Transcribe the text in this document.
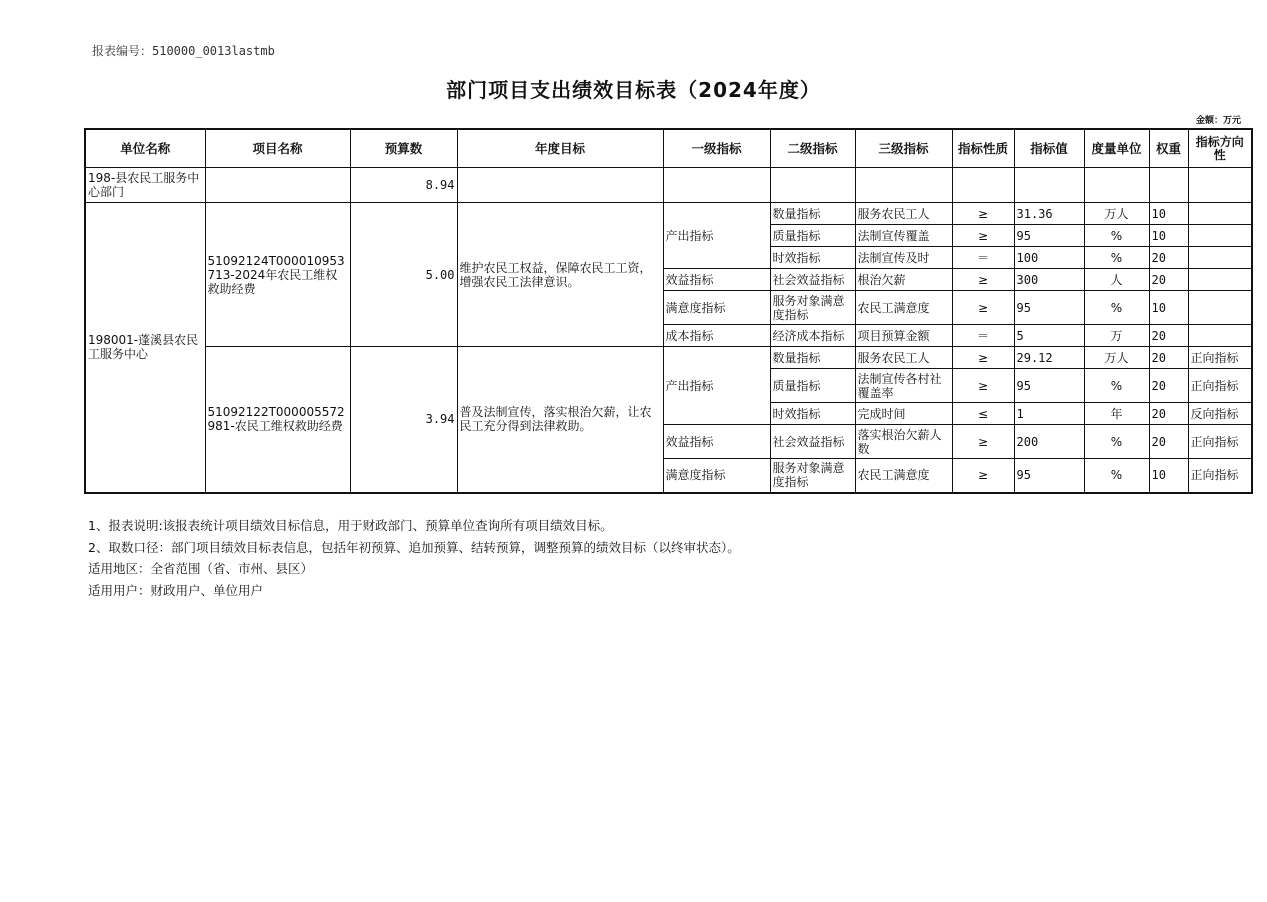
报表编号：510000_0013lastmb
部门项目支出绩效目标表（2024年度）
金额：万元
单位名称	项目名称	预算数	年度目标	一级指标	二级指标	三级指标	指标性质	指标值	度量单位	权重	指标方向性
198-县农民工服务中心部门		8.94									
198001-蓬溪县农民工服务中心	51092124T000010953713-2024年农民工维权救助经费	5.00	维护农民工权益，保障农民工工资，增强农民工法律意识。	产出指标	数量指标	服务农民工人	≥	31.36	万人	10	
					质量指标	法制宣传覆盖	≥	95	%	10	
					时效指标	法制宣传及时	＝	100	%	20	
				效益指标	社会效益指标	根治欠薪	≥	300	人	20	
				满意度指标	服务对象满意度指标	农民工满意度	≥	95	%	10	
				成本指标	经济成本指标	项目预算金额	＝	5	万	20	
	51092122T000005572981-农民工维权救助经费	3.94	普及法制宣传，落实根治欠薪，让农民工充分得到法律救助。	产出指标	数量指标	服务农民工人	≥	29.12	万人	20	正向指标
					质量指标	法制宣传各村社覆盖率	≥	95	%	20	正向指标
					时效指标	完成时间	≤	1	年	20	反向指标
				效益指标	社会效益指标	落实根治欠薪人数	≥	200	%	20	正向指标
				满意度指标	服务对象满意度指标	农民工满意度	≥	95	%	10	正向指标
1、报表说明:该报表统计项目绩效目标信息，用于财政部门、预算单位查询所有项目绩效目标。
2、取数口径：部门项目绩效目标表信息，包括年初预算、追加预算、结转预算，调整预算的绩效目标（以终审状态）。
适用地区：全省范围（省、市州、县区）
适用用户：财政用户、单位用户
